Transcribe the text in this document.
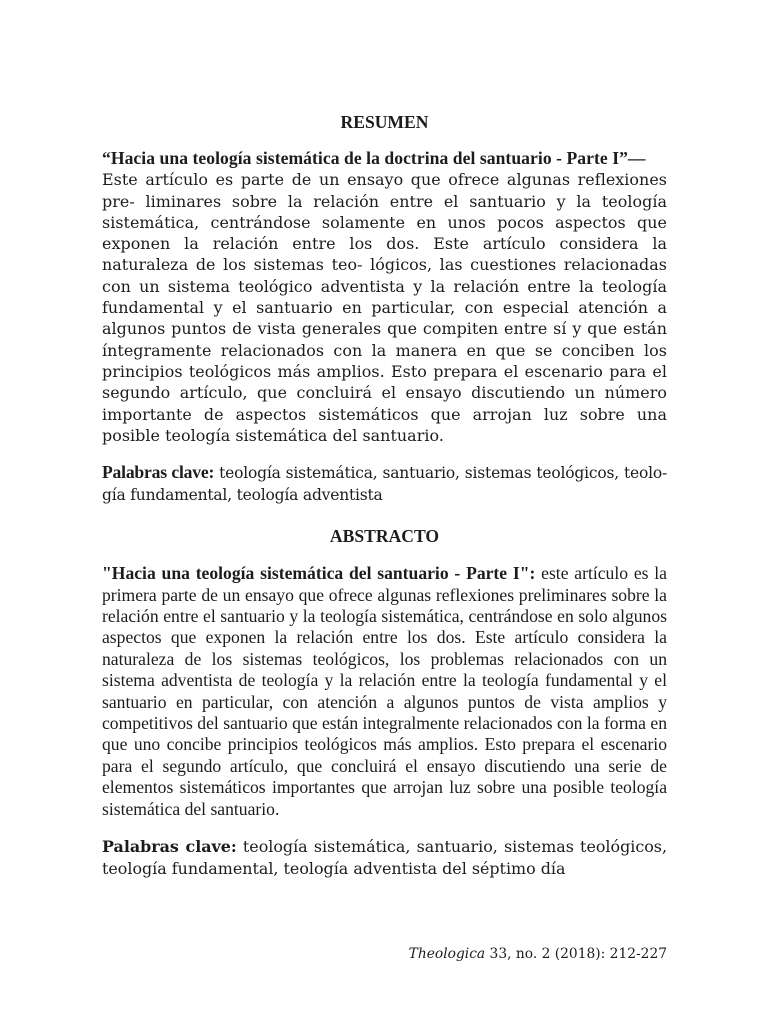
RESUMEN

“Hacia una teología sistemática de la doctrina del santuario - Parte I”—
Este artículo es parte de un ensayo que ofrece algunas reflexiones pre- liminares sobre la relación entre el santuario y la teología sistemática, centrándose solamente en unos pocos aspectos que exponen la relación entre los dos. Este artículo considera la naturaleza de los sistemas teo- lógicos, las cuestiones relacionadas con un sistema teológico adventista y la relación entre la teología fundamental y el santuario en particular, con especial atención a algunos puntos de vista generales que compiten entre sí y que están íntegramente relacionados con la manera en que se conciben los principios teológicos más amplios. Esto prepara el escenario para el segundo artículo, que concluirá el ensayo discutiendo un número importante de aspectos sistemáticos que arrojan luz sobre una posible teología sistemática del santuario.

Palabras clave: teología sistemática, santuario, sistemas teológicos, teolo- gía fundamental, teología adventista

ABSTRACTO

"Hacia una teología sistemática del santuario - Parte I": este artículo es la primera parte de un ensayo que ofrece algunas reflexiones preliminares sobre la relación entre el santuario y la teología sistemática, centrándose en solo algunos aspectos que exponen la relación entre los dos. Este artículo considera la naturaleza de los sistemas teológicos, los problemas relacionados con un sistema adventista de teología y la relación entre la teología fundamental y el santuario en particular, con atención a algunos puntos de vista amplios y competitivos del santuario que están integralmente relacionados con la forma en que uno concibe principios teológicos más amplios. Esto prepara el escenario para el segundo artículo, que concluirá el ensayo discutiendo una serie de elementos sistemáticos importantes que arrojan luz sobre una posible teología sistemática del santuario.

Palabras clave: teología sistemática, santuario, sistemas teológicos, teología fundamental, teología adventista del séptimo día

Theologica 33, no. 2 (2018): 212-227
